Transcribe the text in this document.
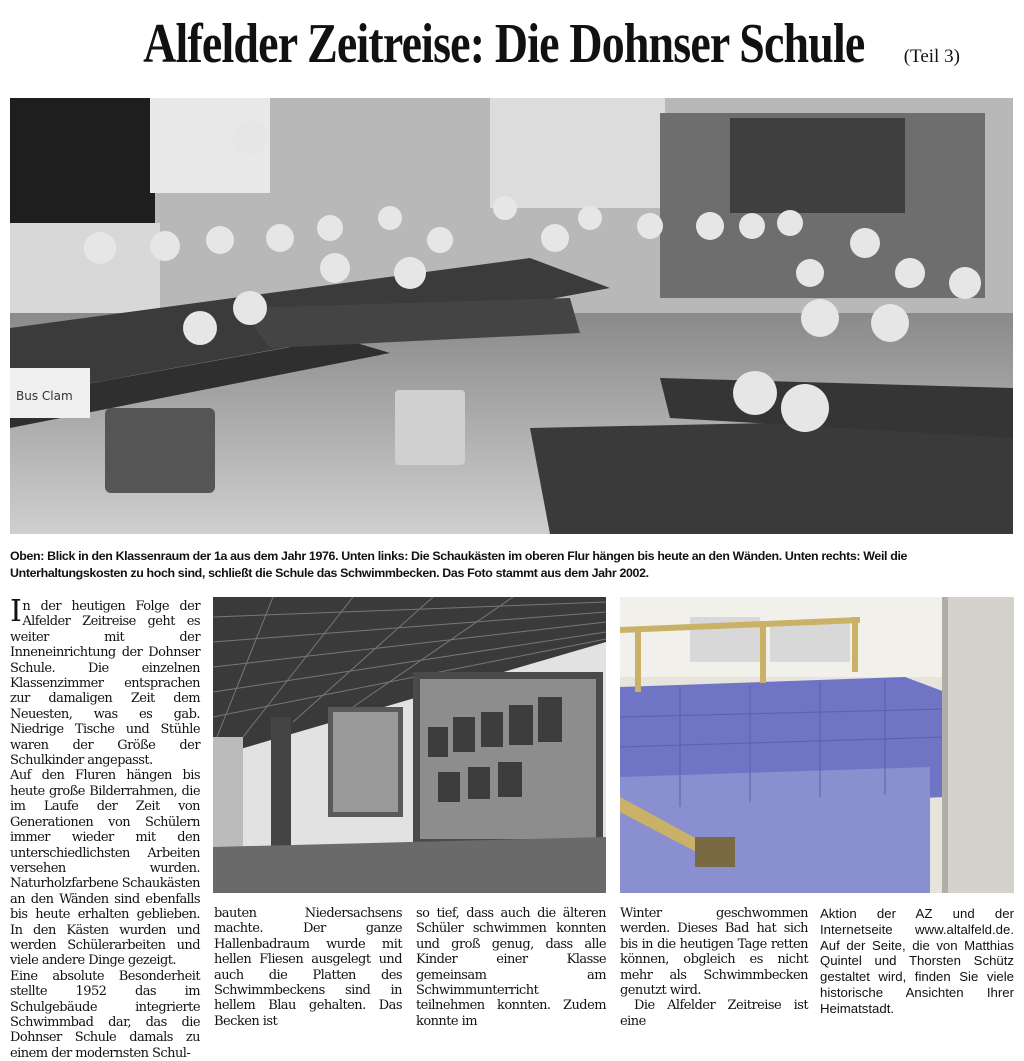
Alfelder Zeitreise: Die Dohnser Schule (Teil 3)
Bus Clam
Oben: Blick in den Klassenraum der 1a aus dem Jahr 1976. Unten links: Die Schaukästen im oberen Flur hängen bis heute an den Wänden. Unten rechts: Weil die Unterhaltungskosten zu hoch sind, schließt die Schule das Schwimmbecken. Das Foto stammt aus dem Jahr 2002.

In der heutigen Folge der Alfelder Zeitreise geht es weiter mit der Inneneinrichtung der Dohnser Schule. Die einzelnen Klassenzimmer entsprachen zur damaligen Zeit dem Neuesten, was es gab. Niedrige Tische und Stühle waren der Größe der Schulkinder angepasst.

Auf den Fluren hängen bis heute große Bilderrahmen, die im Laufe der Zeit von Generationen von Schülern immer wieder mit den unterschiedlichsten Arbeiten versehen wurden. Naturholzfarbene Schaukästen an den Wänden sind ebenfalls bis heute erhalten geblieben. In den Kästen wurden und werden Schülerarbeiten und viele andere Dinge gezeigt.

Eine absolute Besonderheit stellte 1952 das im Schulgebäude integrierte Schwimmbad dar, das die Dohnser Schule damals zu einem der modernsten Schul-

bauten Niedersachsens machte. Der ganze Hallenbadraum wurde mit hellen Fliesen ausgelegt und auch die Platten des Schwimmbeckens sind in hellem Blau gehalten. Das Becken ist

so tief, dass auch die älteren Schüler schwimmen konnten und groß genug, dass alle Kinder einer Klasse gemeinsam am Schwimmunterricht teilnehmen konnten. Zudem konnte im

Winter geschwommen werden. Dieses Bad hat sich bis in die heutigen Tage retten können, obgleich es nicht mehr als Schwimmbecken genutzt wird.

Die Alfelder Zeitreise ist eine

Aktion der AZ und der Internetseite www.altalfeld.de. Auf der Seite, die von Matthias Quintel und Thorsten Schütz gestaltet wird, finden Sie viele historische Ansichten Ihrer Heimatstadt.
